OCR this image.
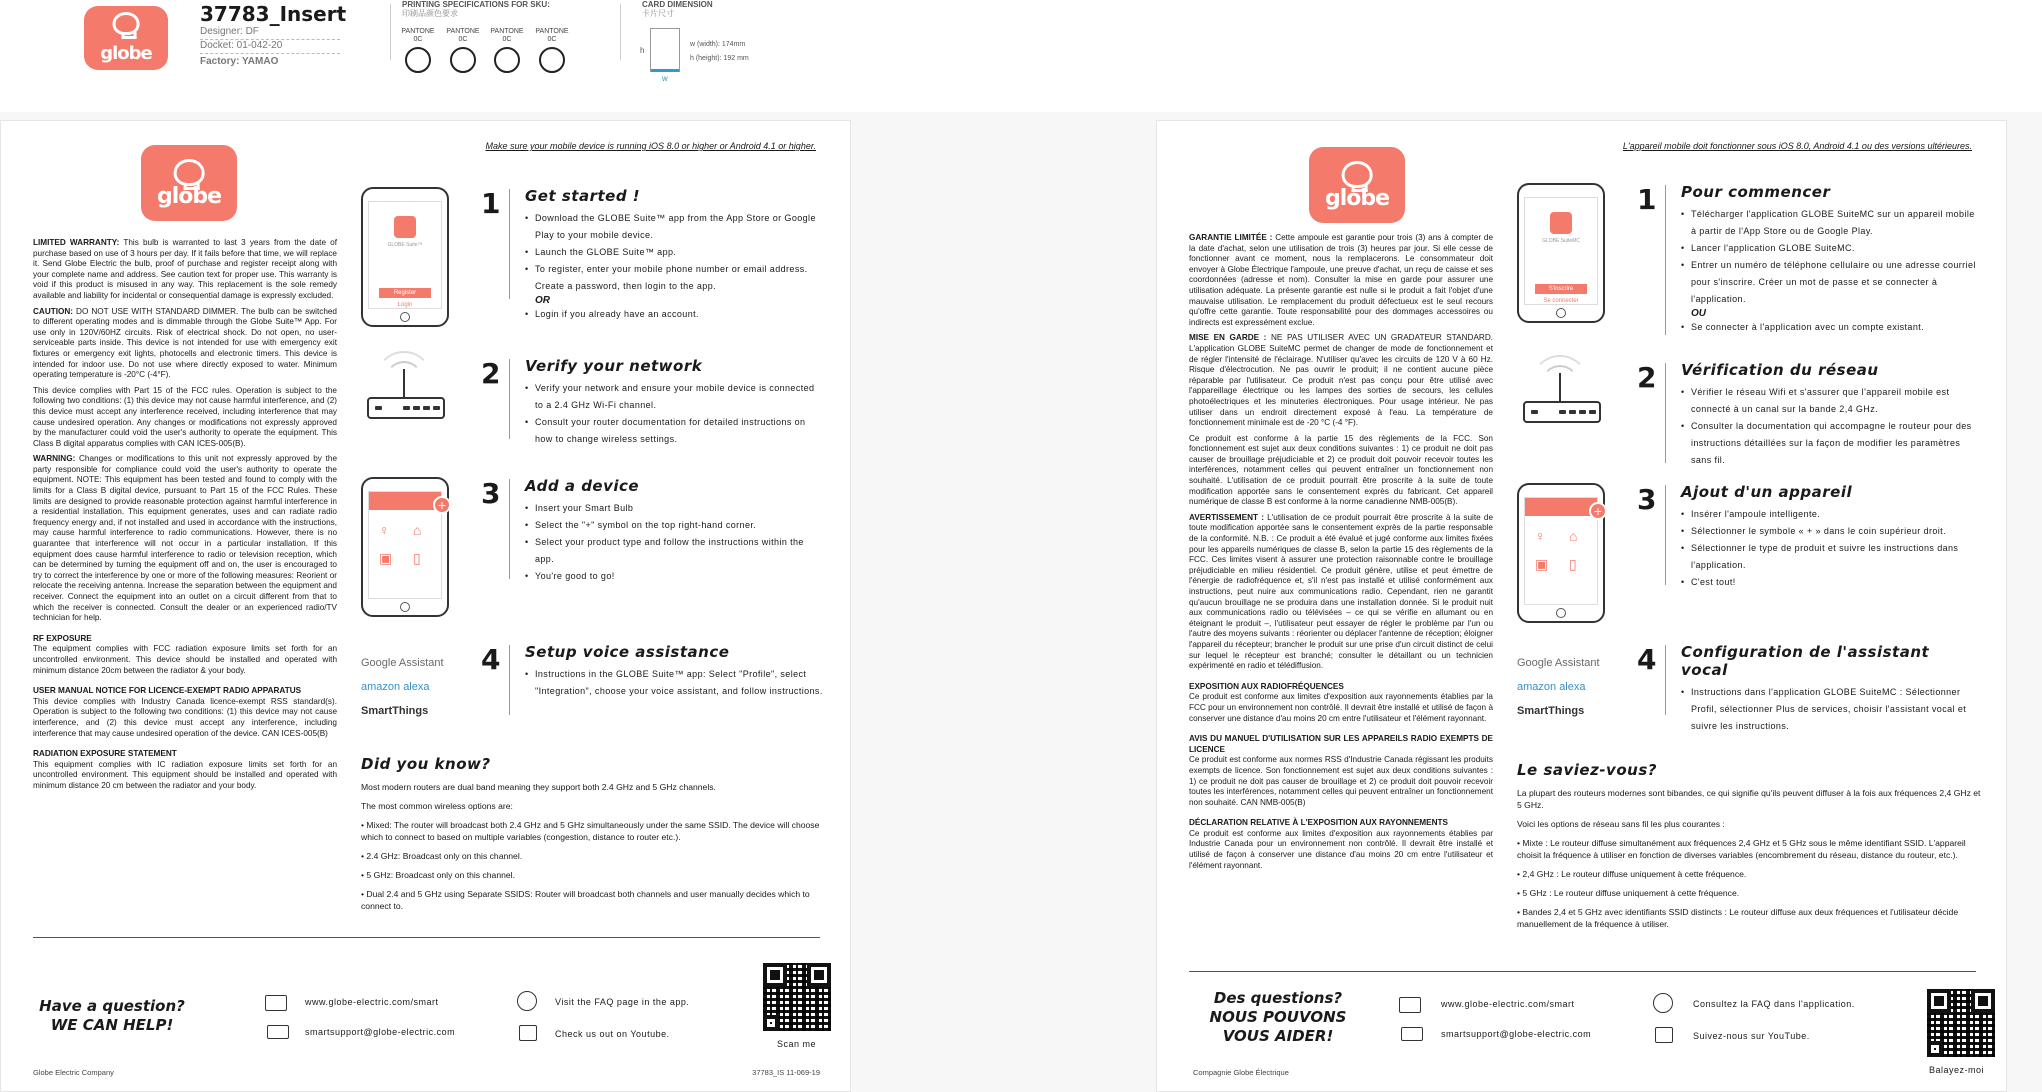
globe
37783_Insert
Designer: DF
Docket: 01-042-20
Factory: YAMAO
PRINTING SPECIFICATIONS FOR SKU:
印刷品颜色要求
PANTONE 0C
PANTONE 0C
PANTONE 0C
PANTONE 0C
CARD DIMENSION
卡片尺寸
h
w
w (width): 174mm
h (height): 192 mm
Make sure your mobile device is running iOS 8.0 or higher or Android 4.1 or higher.
globe

LIMITED WARRANTY: This bulb is warranted to last 3 years from the date of purchase based on use of 3 hours per day. If it fails before that time, we will replace it. Send Globe Electric the bulb, proof of purchase and register receipt along with your complete name and address. See caution text for proper use. This warranty is void if this product is misused in any way. This replacement is the sole remedy available and liability for incidental or consequential damage is expressly excluded.

CAUTION: DO NOT USE WITH STANDARD DIMMER. The bulb can be switched to different operating modes and is dimmable through the Globe Suite™ App. For use only in 120V/60HZ circuits. Risk of electrical shock. Do not open, no user-serviceable parts inside. This device is not intended for use with emergency exit fixtures or emergency exit lights, photocells and electronic timers. This device is intended for indoor use. Do not use where directly exposed to water. Minimum operating temperature is -20°C (-4°F).

This device complies with Part 15 of the FCC rules. Operation is subject to the following two conditions: (1) this device may not cause harmful interference, and (2) this device must accept any interference received, including interference that may cause undesired operation. Any changes or modifications not expressly approved by the manufacturer could void the user's authority to operate the equipment. This Class B digital apparatus complies with CAN ICES-005(B).

WARNING: Changes or modifications to this unit not expressly approved by the party responsible for compliance could void the user's authority to operate the equipment. NOTE: This equipment has been tested and found to comply with the limits for a Class B digital device, pursuant to Part 15 of the FCC Rules. These limits are designed to provide reasonable protection against harmful interference in a residential installation. This equipment generates, uses and can radiate radio frequency energy and, if not installed and used in accordance with the instructions, may cause harmful interference to radio communications. However, there is no guarantee that interference will not occur in a particular installation. If this equipment does cause harmful interference to radio or television reception, which can be determined by turning the equipment off and on, the user is encouraged to try to correct the interference by one or more of the following measures: Reorient or relocate the receiving antenna. Increase the separation between the equipment and receiver. Connect the equipment into an outlet on a circuit different from that to which the receiver is connected. Consult the dealer or an experienced radio/TV technician for help.

RF EXPOSURE

The equipment complies with FCC radiation exposure limits set forth for an uncontrolled environment. This device should be installed and operated with minimum distance 20cm between the radiator & your body.

USER MANUAL NOTICE FOR LICENCE-EXEMPT RADIO APPARATUS

This device complies with Industry Canada licence-exempt RSS standard(s). Operation is subject to the following two conditions: (1) this device may not cause interference, and (2) this device must accept any interference, including interference that may cause undesired operation of the device. CAN ICES-005(B)

RADIATION EXPOSURE STATEMENT

This equipment complies with IC radiation exposure limits set forth for an uncontrolled environment. This equipment should be installed and operated with minimum distance 20 cm between the radiator and your body.

GLOBE Suite™
Register
Login
1 Get started !
• Download the GLOBE Suite™ app from the App Store or Google Play to your mobile device.
• Launch the GLOBE Suite™ app.
• To register, enter your mobile phone number or email address. Create a password, then login to the app.
OR
• Login if you already have an account.
2 Verify your network
• Verify your network and ensure your mobile device is connected to a 2.4 GHz Wi-Fi channel.
• Consult your router documentation for detailed instructions on how to change wireless settings.
+
♀ ⌂
▣ ▯
3 Add a device
• Insert your Smart Bulb
• Select the "+" symbol on the top right-hand corner.
• Select your product type and follow the instructions within the app.
• You're good to go!
Google Assistant
amazon alexa
SmartThings
4 Setup voice assistance
• Instructions in the GLOBE Suite™ app: Select "Profile", select "Integration", choose your voice assistant, and follow instructions.
Did you know?

Most modern routers are dual band meaning they support both 2.4 GHz and 5 GHz channels.

The most common wireless options are:

• Mixed: The router will broadcast both 2.4 GHz and 5 GHz simultaneously under the same SSID. The device will choose which to connect to based on multiple variables (congestion, distance to router etc.).

• 2.4 GHz: Broadcast only on this channel.

• 5 GHz: Broadcast only on this channel.

• Dual 2.4 and 5 GHz using Separate SSIDS: Router will broadcast both channels and user manually decides which to connect to.

Have a question? WE CAN HELP!
www.globe-electric.com/smart
smartsupport@globe-electric.com
Visit the FAQ page in the app.
Check us out on Youtube.
Scan me
Globe Electric Company	37783_IS 11-069-19
L'appareil mobile doit fonctionner sous iOS 8.0, Android 4.1 ou des versions ultérieures.
globe

GARANTIE LIMITÉE : Cette ampoule est garantie pour trois (3) ans à compter de la date d'achat, selon une utilisation de trois (3) heures par jour. Si elle cesse de fonctionner avant ce moment, nous la remplacerons. Le consommateur doit envoyer à Globe Électrique l'ampoule, une preuve d'achat, un reçu de caisse et ses coordonnées (adresse et nom). Consulter la mise en garde pour assurer une utilisation adéquate. La présente garantie est nulle si le produit a fait l'objet d'une mauvaise utilisation. Le remplacement du produit défectueux est le seul recours qu'offre cette garantie. Toute responsabilité pour des dommages accessoires ou indirects est expressément exclue.

MISE EN GARDE : NE PAS UTILISER AVEC UN GRADATEUR STANDARD. L'application GLOBE SuiteMC permet de changer de mode de fonctionnement et de régler l'intensité de l'éclairage. N'utiliser qu'avec les circuits de 120 V à 60 Hz. Risque d'électrocution. Ne pas ouvrir le produit; il ne contient aucune pièce réparable par l'utilisateur. Ce produit n'est pas conçu pour être utilisé avec l'appareillage électrique ou les lampes des sorties de secours, les cellules photoélectriques et les minuteries électroniques. Pour usage intérieur. Ne pas utiliser dans un endroit directement exposé à l'eau. La température de fonctionnement minimale est de -20 °C (-4 °F).

Ce produit est conforme à la partie 15 des règlements de la FCC. Son fonctionnement est sujet aux deux conditions suivantes : 1) ce produit ne doit pas causer de brouillage préjudiciable et 2) ce produit doit pouvoir recevoir toutes les interférences, notamment celles qui peuvent entraîner un fonctionnement non souhaité. L'utilisation de ce produit pourrait être proscrite à la suite de toute modification apportée sans le consentement exprès du fabricant. Cet appareil numérique de classe B est conforme à la norme canadienne NMB-005(B).

AVERTISSEMENT : L'utilisation de ce produit pourrait être proscrite à la suite de toute modification apportée sans le consentement exprès de la partie responsable de la conformité. N.B. : Ce produit a été évalué et jugé conforme aux limites fixées pour les appareils numériques de classe B, selon la partie 15 des règlements de la FCC. Ces limites visent à assurer une protection raisonnable contre le brouillage préjudiciable en milieu résidentiel. Ce produit génère, utilise et peut émettre de l'énergie de radiofréquence et, s'il n'est pas installé et utilisé conformément aux instructions, peut nuire aux communications radio. Cependant, rien ne garantit qu'aucun brouillage ne se produira dans une installation donnée. Si le produit nuit aux communications radio ou télévisées – ce qui se vérifie en allumant ou en éteignant le produit –, l'utilisateur peut essayer de régler le problème par l'un ou l'autre des moyens suivants : réorienter ou déplacer l'antenne de réception; éloigner l'appareil du récepteur; brancher le produit sur une prise d'un circuit distinct de celui sur lequel le récepteur est branché; consulter le détaillant ou un technicien expérimenté en radio et télédiffusion.

EXPOSITION AUX RADIOFRÉQUENCES

Ce produit est conforme aux limites d'exposition aux rayonnements établies par la FCC pour un environnement non contrôlé. Il devrait être installé et utilisé de façon à conserver une distance d'au moins 20 cm entre l'utilisateur et l'élément rayonnant.

AVIS DU MANUEL D'UTILISATION SUR LES APPAREILS RADIO EXEMPTS DE LICENCE

Ce produit est conforme aux normes RSS d'Industrie Canada régissant les produits exempts de licence. Son fonctionnement est sujet aux deux conditions suivantes : 1) ce produit ne doit pas causer de brouillage et 2) ce produit doit pouvoir recevoir toutes les interférences, notamment celles qui peuvent entraîner un fonctionnement non souhaité. CAN NMB-005(B)

DÉCLARATION RELATIVE À L'EXPOSITION AUX RAYONNEMENTS

Ce produit est conforme aux limites d'exposition aux rayonnements établies par Industrie Canada pour un environnement non contrôlé. Il devrait être installé et utilisé de façon à conserver une distance d'au moins 20 cm entre l'utilisateur et l'élément rayonnant.

GLOBE SuiteMC
S'inscrire
Se connecter
1 Pour commencer
• Télécharger l'application GLOBE SuiteMC sur un appareil mobile à partir de l'App Store ou de Google Play.
• Lancer l'application GLOBE SuiteMC.
• Entrer un numéro de téléphone cellulaire ou une adresse courriel pour s'inscrire. Créer un mot de passe et se connecter à l'application.
OU
• Se connecter à l'application avec un compte existant.
2 Vérification du réseau
• Vérifier le réseau Wifi et s'assurer que l'appareil mobile est connecté à un canal sur la bande 2,4 GHz.
• Consulter la documentation qui accompagne le routeur pour des instructions détaillées sur la façon de modifier les paramètres sans fil.
+
♀ ⌂
▣ ▯
3 Ajout d'un appareil
• Insérer l'ampoule intelligente.
• Sélectionner le symbole « + » dans le coin supérieur droit.
• Sélectionner le type de produit et suivre les instructions dans l'application.
• C'est tout!
Google Assistant
amazon alexa
SmartThings
4 Configuration de l'assistant vocal
• Instructions dans l'application GLOBE SuiteMC : Sélectionner Profil, sélectionner Plus de services, choisir l'assistant vocal et suivre les instructions.
Le saviez-vous?

La plupart des routeurs modernes sont bibandes, ce qui signifie qu'ils peuvent diffuser à la fois aux fréquences 2,4 GHz et 5 GHz.

Voici les options de réseau sans fil les plus courantes :

• Mixte : Le routeur diffuse simultanément aux fréquences 2,4 GHz et 5 GHz sous le même identifiant SSID. L'appareil choisit la fréquence à utiliser en fonction de diverses variables (encombrement du réseau, distance du routeur, etc.).

• 2,4 GHz : Le routeur diffuse uniquement à cette fréquence.

• 5 GHz : Le routeur diffuse uniquement à cette fréquence.

• Bandes 2,4 et 5 GHz avec identifiants SSID distincts : Le routeur diffuse aux deux fréquences et l'utilisateur décide manuellement de la fréquence à utiliser.

Des questions? NOUS POUVONS VOUS AIDER!
www.globe-electric.com/smart
smartsupport@globe-electric.com
Consultez la FAQ dans l'application.
Suivez-nous sur YouTube.
Balayez-moi
Compagnie Globe Électrique
